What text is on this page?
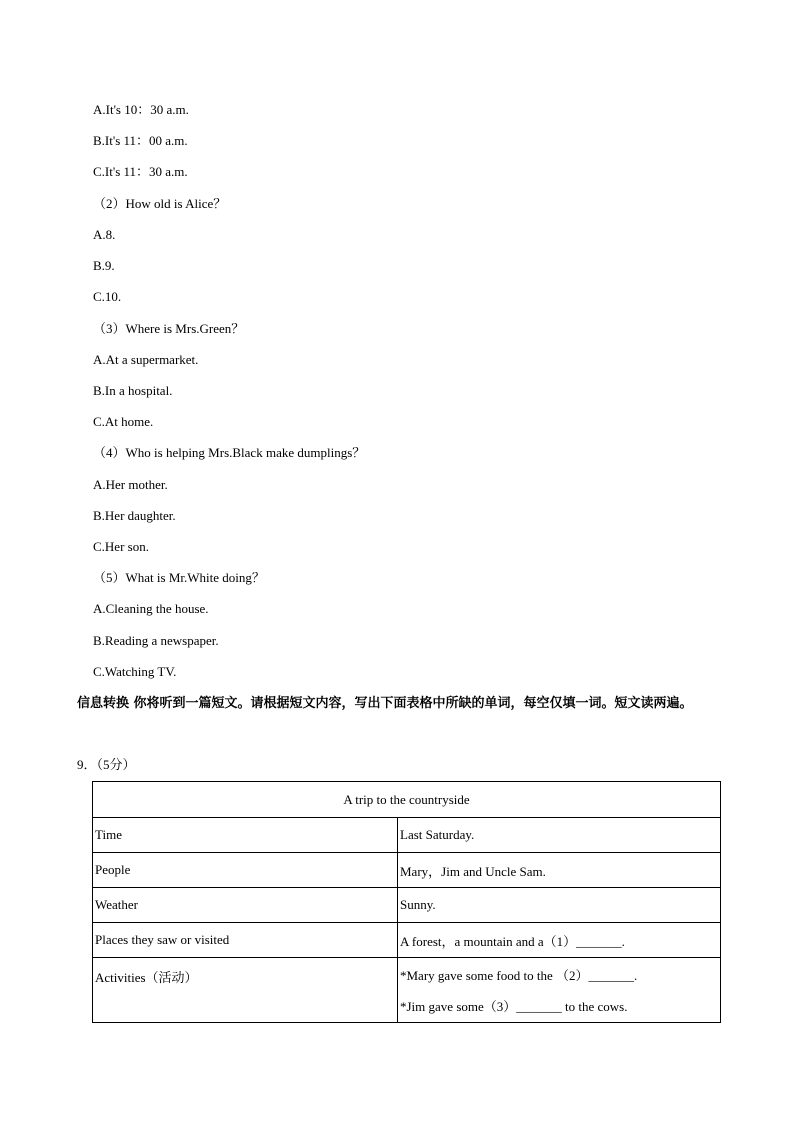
A.It's 10：30 a.m.
B.It's 11：00 a.m.
C.It's 11：30 a.m.
（2）How old is Alice？
A.8.
B.9.
C.10.
（3）Where is Mrs.Green？
A.At a supermarket.
B.In a hospital.
C.At home.
（4）Who is helping Mrs.Black make dumplings？
A.Her mother.
B.Her daughter.
C.Her son.
（5）What is Mr.White doing？
A.Cleaning the house.
B.Reading a newspaper.
C.Watching TV.
信息转换 你将听到一篇短文。请根据短文内容，写出下面表格中所缺的单词，每空仅填一词。短文读两遍。
9．（5分）
A trip to the countryside	
Time	Last Saturday.
People	Mary，Jim and Uncle Sam.
Weather	Sunny.
Places they saw or visited	A forest，a mountain and a（1）_______.

Activities（活动）	*Mary gave some food to the （2）_______.
*Jim gave some（3）_______ to the cows.
